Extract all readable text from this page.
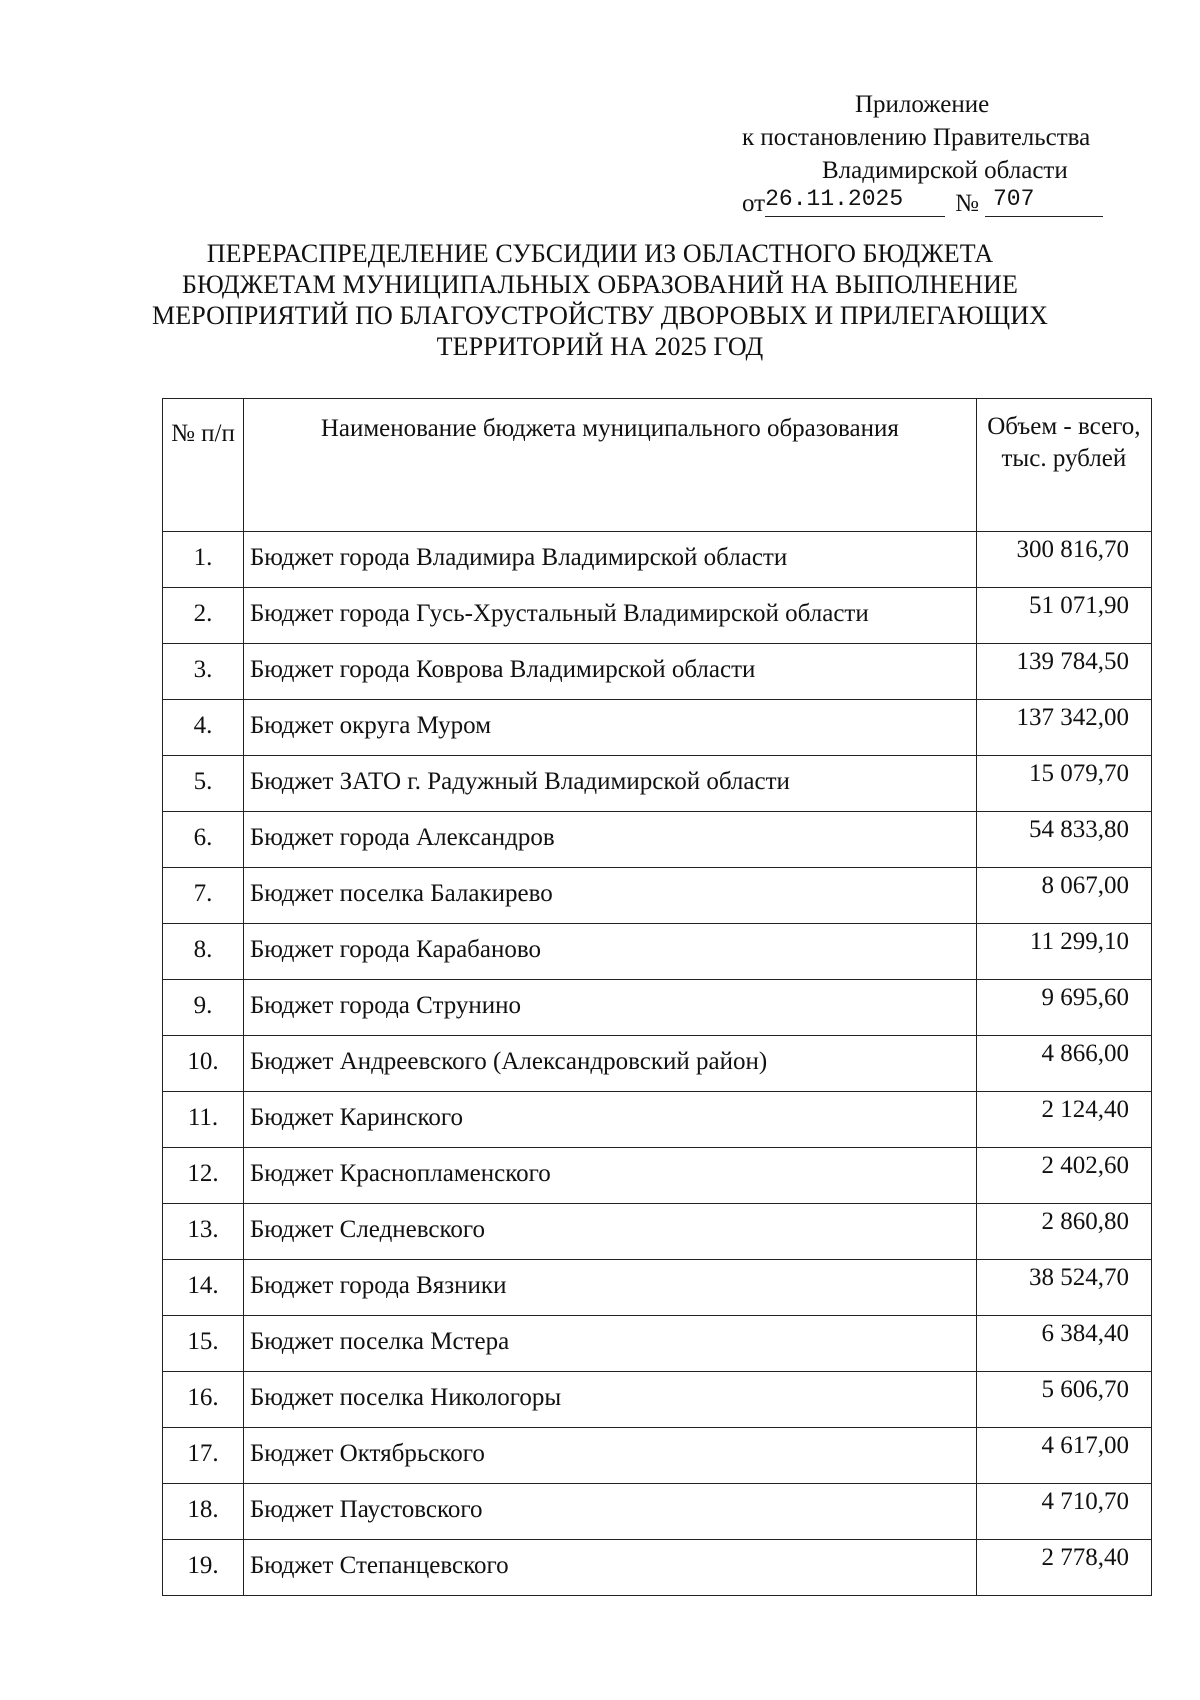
Приложение
к постановлению Правительства
Владимирской области
от 26.11.2025	№ 707
ПЕРЕРАСПРЕДЕЛЕНИЕ СУБСИДИИ ИЗ ОБЛАСТНОГО БЮДЖЕТА БЮДЖЕТАМ МУНИЦИПАЛЬНЫХ ОБРАЗОВАНИЙ НА ВЫПОЛНЕНИЕ МЕРОПРИЯТИЙ ПО БЛАГОУСТРОЙСТВУ ДВОРОВЫХ И ПРИЛЕГАЮЩИХ ТЕРРИТОРИЙ НА 2025 ГОД
№ п/п	Наименование бюджета муниципального образования	Объем - всего, тыс. рублей
1.	Бюджет города Владимира Владимирской области	300 816,70
2.	Бюджет города Гусь-Хрустальный Владимирской области	51 071,90
3.	Бюджет города Коврова Владимирской области	139 784,50
4.	Бюджет округа Муром	137 342,00
5.	Бюджет ЗАТО г. Радужный Владимирской области	15 079,70
6.	Бюджет города Александров	54 833,80
7.	Бюджет поселка Балакирево	8 067,00
8.	Бюджет города Карабаново	11 299,10
9.	Бюджет города Струнино	9 695,60
10.	Бюджет Андреевского (Александровский район)	4 866,00
11.	Бюджет Каринского	2 124,40
12.	Бюджет Краснопламенского	2 402,60
13.	Бюджет Следневского	2 860,80
14.	Бюджет города Вязники	38 524,70
15.	Бюджет поселка Мстера	6 384,40
16.	Бюджет поселка Никологоры	5 606,70
17.	Бюджет Октябрьского	4 617,00
18.	Бюджет Паустовского	4 710,70
19.	Бюджет Степанцевского	2 778,40
